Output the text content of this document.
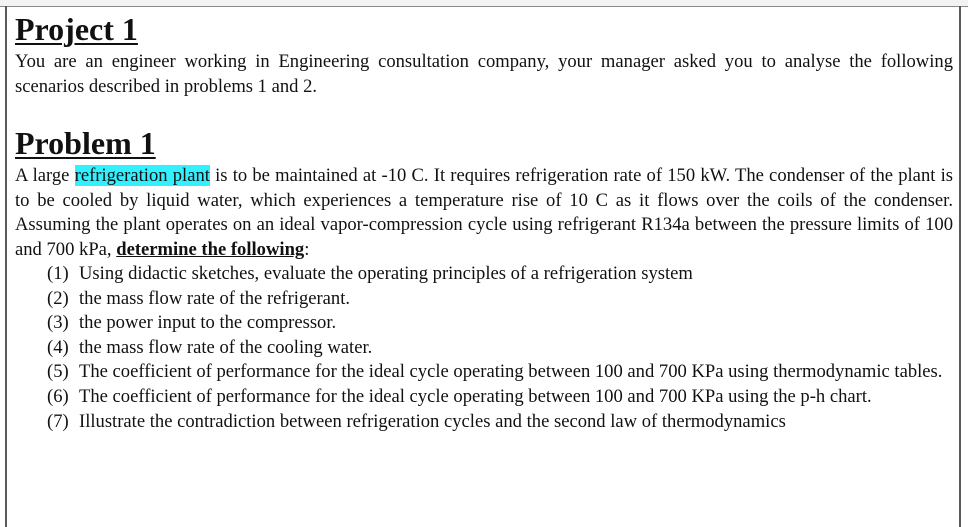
Project 1

You are an engineer working in Engineering consultation company, your manager asked you to analyse the following scenarios described in problems 1 and 2.

Problem 1

A large refrigeration plant is to be maintained at -10 C. It requires refrigeration rate of 150 kW. The condenser of the plant is to be cooled by liquid water, which experiences a temperature rise of 10 C as it flows over the coils of the condenser. Assuming the plant operates on an ideal vapor-compression cycle using refrigerant R134a between the pressure limits of 100 and 700 kPa, determine the following:

(1) Using didactic sketches, evaluate the operating principles of a refrigeration system
(2) the mass flow rate of the refrigerant.
(3) the power input to the compressor.
(4) the mass flow rate of the cooling water.
(5) The coefficient of performance for the ideal cycle operating between 100 and 700 KPa using thermodynamic tables.
(6) The coefficient of performance for the ideal cycle operating between 100 and 700 KPa using the p-h chart.
(7) Illustrate the contradiction between refrigeration cycles and the second law of thermodynamics
